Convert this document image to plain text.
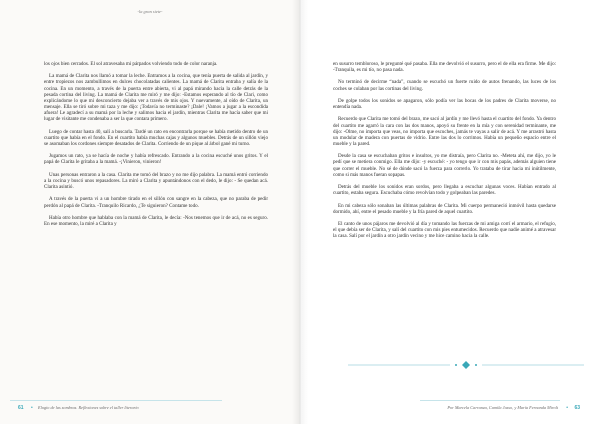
-la gran siete-

los ojos bien cerrados. El sol atravesaba mi párpados volviendo todo de color naranja.

La mamá de Clarita nos llamó a tomar la leche. Entramos a la cocina, que tenía puerta de salida al jardín, y entre tropiezos nos zambullimos en dulces chocolatadas calientes. La mamá de Clarita entraba y salía de la cocina. En un momento, a través de la puerta entre abierta, vi al papá mirando hacia la calle detrás de la pesada cortina del living. La mamá de Clarita me miró y me dijo: -Estamos esperando al tío de Clari, como explicándome lo que mi desconcierto dejaba ver a través de mis ojos. Y nuevamente, al oído de Clarita, un mensaje. Ella se tiró sobre mi taza y me dijo: ¡Todavía no terminaste? ¡Dale! ¡Vamos a jugar a la escondida afuera! Le agradecí a su mamá por la leche y salimos hacia el jardín, mientras Clarita me hacía saber que mi lugar de visitante me condenaba a ser la que contara primero.

Luego de contar hasta 40, salí a buscarla. Tardé un rato en encontrarla porque se había metido dentro de un cuartito que había en el fondo. En el cuartito había muchas cajas y algunos muebles. Detrás de un sillón viejo se asomaban los cordones siempre desatados de Clarita. Corriendo de un pique al árbol gané mi turno.

Jugamos un rato, ya se hacía de noche y había refrescado. Entrando a la cocina escuché unos gritos. Y el papá de Clarita le gritaba a la mamá. -¡Vinieron, vinieron!

Unas personas entraron a la casa. Clarita me tomó del brazo y no me dijo palabra. La mamá entró corriendo a la cocina y buscó unos repasadores. La miró a Clarita y apuntándonos con el dedo, le dijo: - Se quedan acá. Clarita asintió.

A través de la puerta vi a un hombre tirado en el sillón con sangre en la cabeza, que no paraba de pedir perdón al papá de Clarita. -Tranquilo Ricardo, ¿Te siguieron? Contame todo.

Había otro hombre que hablaba con la mamá de Clarita, le decía: -Nos tenemos que ir de acá, no es seguro. En ese momento, la miré a Clarita y

61 • Elogio de las sombras. Reflexiones sobre el taller literario

en susurro tembloroso, le pregunté qué pasaba. Ella me devolvió el susurro, pero el de ella era firme. Me dijo: -Tranquila, es mi tío, no pasa nada.

No terminó de decirme “nada”, cuando se escuchó un fuerte ruido de autos frenando, las luces de los coches se colaban por las cortinas del living.

De golpe todos los sonidos se apagaron, sólo podía ver las bocas de los padres de Clarita moverse, no entendía nada.

Recuerdo que Clarita me tomó del brazo, me sacó al jardín y me llevó hasta el cuartito del fondo. Ya dentro del cuartito me agarró la cara con las dos manos, apoyó su frente en la mía y con serenidad terminante, me dijo: -Olme, no importa que veas, no importa que escuches, jamás te vayas a salir de acá. Y me arrastró hasta un modular de madera con puertas de vidrio. Entre las dos lo corrimos. Había un pequeño espacio entre el mueble y la pared.

Desde la casa se escuchaban gritos e insultos, yo me distraía, pero Clarita no. -Meteta ahí, me dijo, yo le pedí que se metiera conmigo. Ella me dijo: -y escuché: - yo tengo que ir con mis papás, además alguien tiene que correr el mueble. No sé de dónde sacó la fuerza para correrlo. Yo trataba de tirar hacia mi inútilmente, como si más manos fueran sopapas.

Detrás del mueble los sonidos eran sordos, pero llegaba a escuchar algunas voces. Habían entrado al cuartito, estaba segura. Escuchaba cómo revolvían todo y golpeaban las paredes.

En mi cabeza sólo sonaban las últimas palabras de Clarita. Mi cuerpo permaneció inmóvil hasta quedarse dormido, ahí, entre el pesado mueble y la fría pared de aquel cuartito.

El canto de unos pájaros me devolvió al día y tomando las fuerzas de mi amiga corrí el armario, el refugio, el que debía ser de Clarita, y salí del cuartito con mis pies entumecidos. Recuerdo que nadie animé a atravesar la casa. Salí por el jardín a otro jardín vecino y me hice camino hacia la calle.

Por Marcela Carranza, Camila Jasso, y María Fernanda Mirolt • 63
